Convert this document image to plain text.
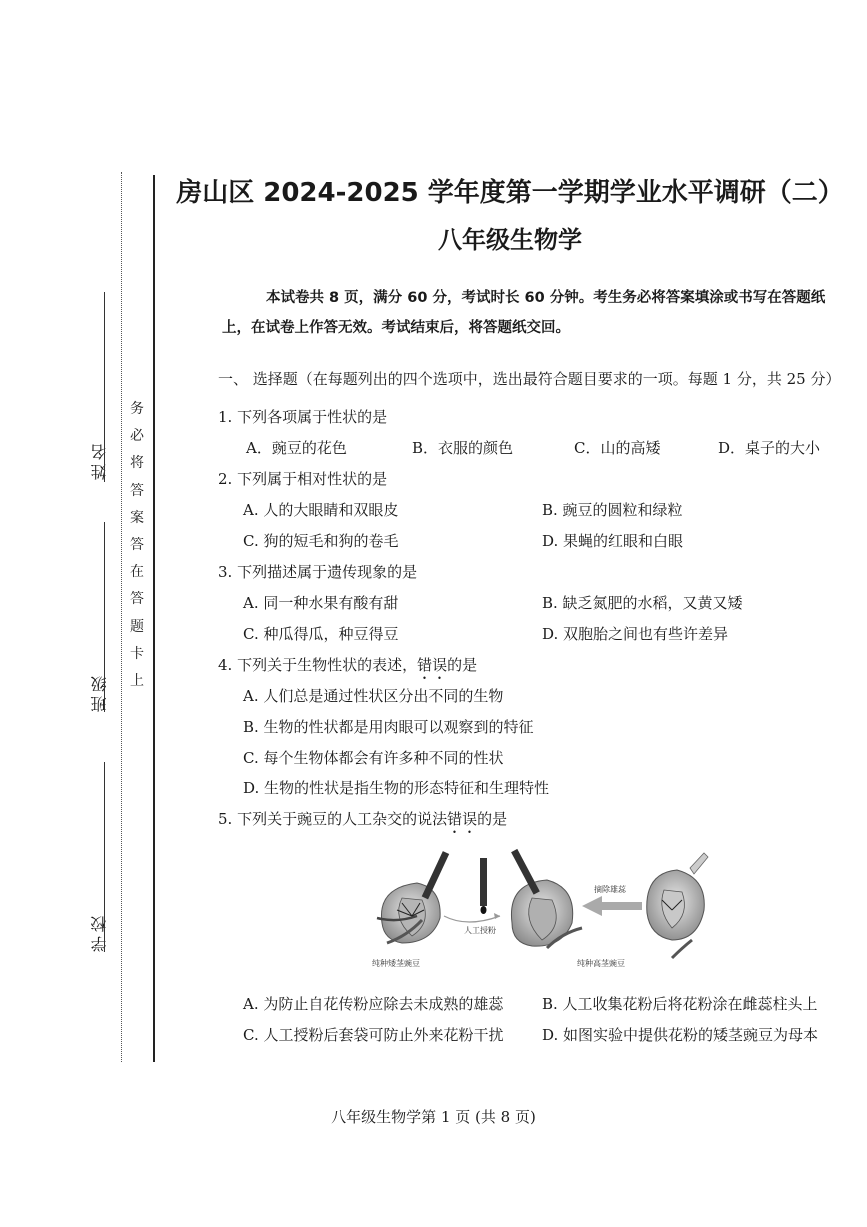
姓名
班级
学校
务
必
将
答
案
答
在
答
题
卡
上
房山区 2024-2025 学年度第一学期学业水平调研（二）
八年级生物学
本试卷共 8 页，满分 60 分，考试时长 60 分钟。考生务必将答案填涂或书写在答题纸上，在试卷上作答无效。考试结束后，将答题纸交回。
一、 选择题（在每题列出的四个选项中，选出最符合题目要求的一项。每题 1 分，共 25 分）
1. 下列各项属于性状的是
A．豌豆的花色	B．衣服的颜色	C．山的高矮	D．桌子的大小
2. 下列属于相对性状的是
A. 人的大眼睛和双眼皮	B. 豌豆的圆粒和绿粒
C. 狗的短毛和狗的卷毛	D. 果蝇的红眼和白眼
3. 下列描述属于遗传现象的是
A. 同一种水果有酸有甜	B. 缺乏氮肥的水稻，又黄又矮
C. 种瓜得瓜，种豆得豆	D. 双胞胎之间也有些许差异
4. 下列关于生物性状的表述，错误的是
A. 人们总是通过性状区分出不同的生物
B. 生物的性状都是用肉眼可以观察到的特征
C. 每个生物体都会有许多种不同的性状
D. 生物的性状是指生物的形态特征和生理特性
5. 下列关于豌豆的人工杂交的说法错误的是
人工授粉
摘除雄蕊
纯种矮茎豌豆	纯种高茎豌豆
A. 为防止自花传粉应除去未成熟的雄蕊	B. 人工收集花粉后将花粉涂在雌蕊柱头上
C. 人工授粉后套袋可防止外来花粉干扰	D. 如图实验中提供花粉的矮茎豌豆为母本
八年级生物学第 1 页 (共 8 页)
